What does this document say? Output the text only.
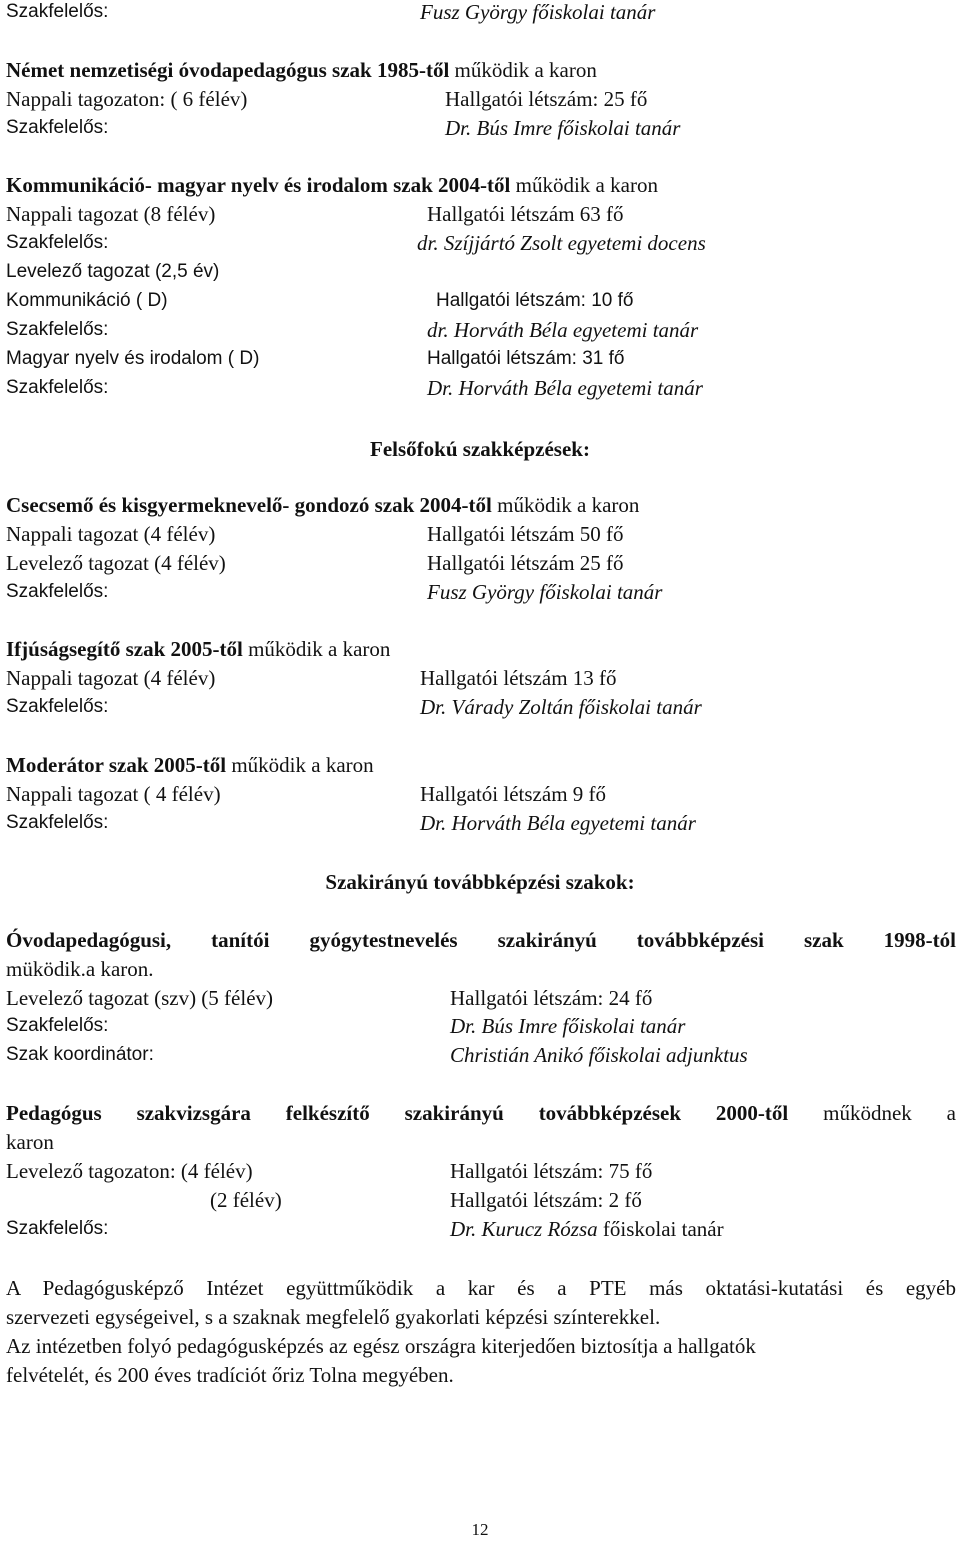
Szakfelelős:	Fusz György főiskolai tanár
Német nemzetiségi óvodapedagógus szak 1985-től működik a karon
Nappali tagozaton: ( 6 félév)	Hallgatói létszám: 25 fő
Szakfelelős:	Dr. Bús Imre főiskolai tanár
Kommunikáció- magyar nyelv és irodalom szak 2004-től működik a karon
Nappali tagozat (8 félév)	Hallgatói létszám 63 fő
Szakfelelős:	dr. Szíjjártó Zsolt egyetemi docens
Levelező tagozat (2,5 év)
Kommunikáció ( D)	Hallgatói létszám: 10 fő
Szakfelelős:	dr. Horváth Béla egyetemi tanár
Magyar nyelv és irodalom ( D)	Hallgatói létszám: 31 fő
Szakfelelős:	Dr. Horváth Béla egyetemi tanár
Felsőfokú szakképzések:
Csecsemő és kisgyermeknevelő- gondozó szak 2004-től működik a karon
Nappali tagozat (4 félév)	Hallgatói létszám 50 fő
Levelező tagozat (4 félév)	Hallgatói létszám 25 fő
Szakfelelős:	Fusz György főiskolai tanár
Ifjúságsegítő szak 2005-től működik a karon
Nappali tagozat (4 félév)	Hallgatói létszám 13 fő
Szakfelelős:	Dr. Várady Zoltán főiskolai tanár
Moderátor szak 2005-től működik a karon
Nappali tagozat ( 4 félév)	Hallgatói létszám 9 fő
Szakfelelős:	Dr. Horváth Béla egyetemi tanár
Szakirányú továbbképzési szakok:
Óvodapedagógusi, tanítói gyógytestnevelés szakirányú továbbképzési szak 1998-tól
müködik.a karon.
Levelező tagozat (szv) (5 félév)	Hallgatói létszám: 24 fő
Szakfelelős:	Dr. Bús Imre főiskolai tanár
Szak koordinátor:	Christián Anikó főiskolai adjunktus
Pedagógus szakvizsgára felkészítő szakirányú továbbképzések 2000-től működnek a
karon
Levelező tagozaton: (4 félév)	Hallgatói létszám: 75 fő
(2 félév)	Hallgatói létszám: 2 fő
Szakfelelős:	Dr. Kurucz Rózsa főiskolai tanár
A Pedagógusképző Intézet együttműködik a kar és a PTE más oktatási-kutatási és egyéb
szervezeti egységeivel, s a szaknak megfelelő gyakorlati képzési színterekkel.
Az intézetben folyó pedagógusképzés az egész országra kiterjedően biztosítja a hallgatók
felvételét, és 200 éves tradíciót őriz Tolna megyében.
12
